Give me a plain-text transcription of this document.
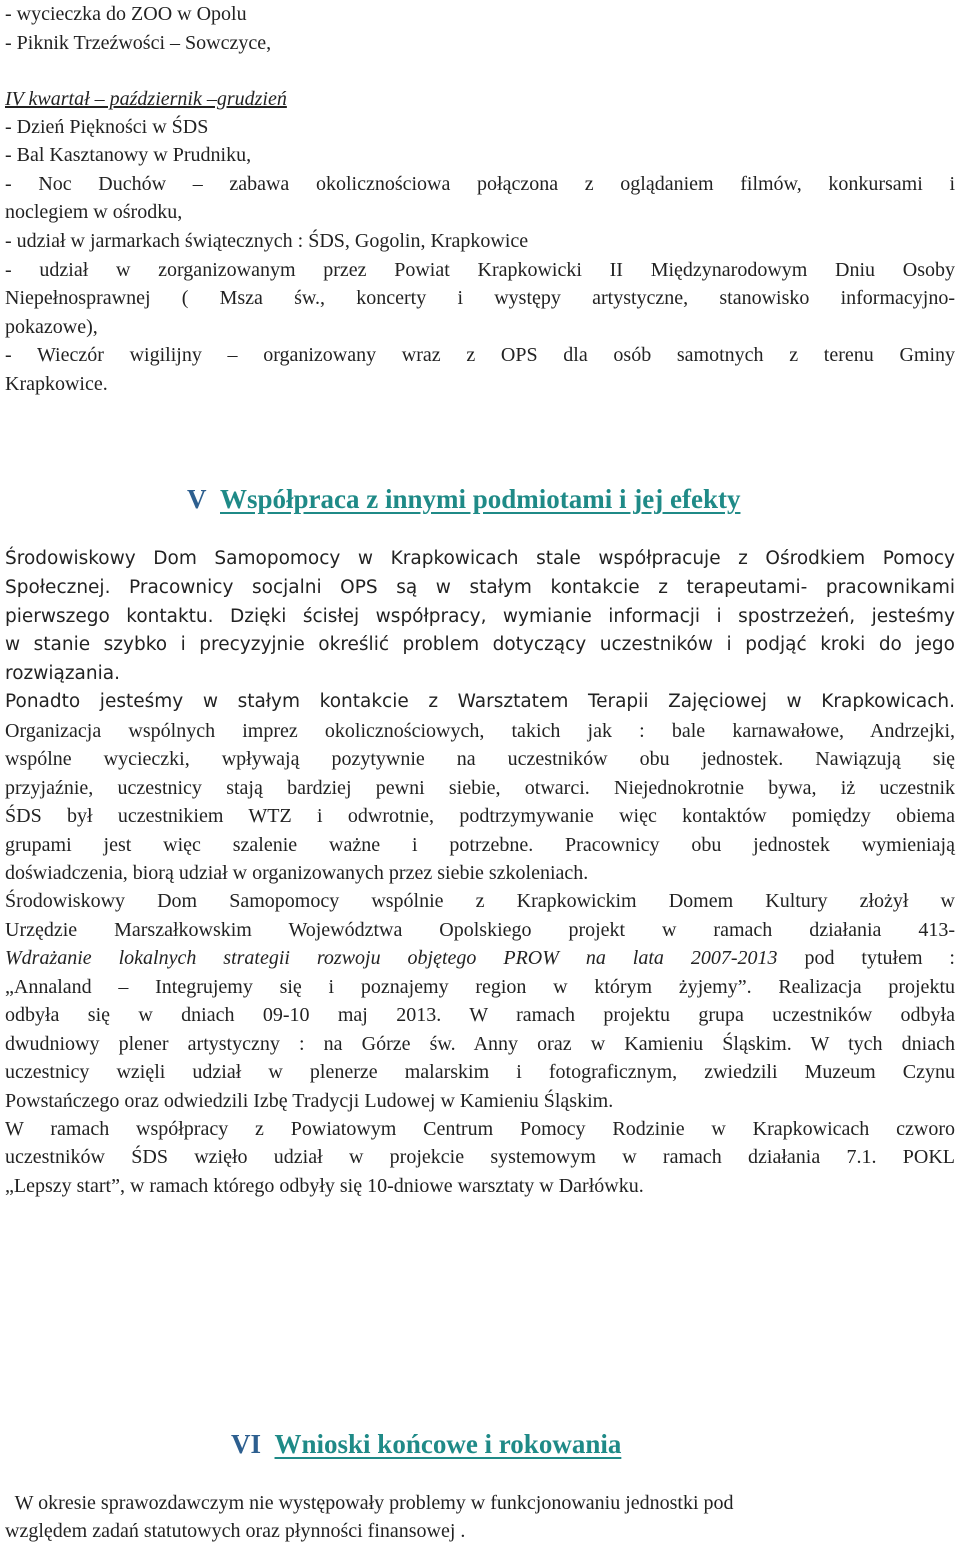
- wycieczka do ZOO w Opolu
- Piknik Trzeźwości – Sowczyce,
IV kwartał – październik –grudzień
- Dzień Piękności w ŚDS
- Bal Kasztanowy w Prudniku,
- Noc Duchów – zabawa okolicznościowa połączona z oglądaniem filmów, konkursami i
noclegiem w ośrodku,
- udział w jarmarkach świątecznych : ŚDS, Gogolin, Krapkowice
- udział w zorganizowanym przez Powiat Krapkowicki II Międzynarodowym Dniu Osoby
Niepełnosprawnej ( Msza św., koncerty i występy artystyczne, stanowisko informacyjno-
pokazowe),
- Wieczór wigilijny – organizowany wraz z OPS dla osób samotnych z terenu Gminy
Krapkowice.
V Współpraca z innymi podmiotami i jej efekty
Środowiskowy Dom Samopomocy w Krapkowicach stale współpracuje z Ośrodkiem Pomocy
Społecznej. Pracownicy socjalni OPS są w stałym kontakcie z terapeutami- pracownikami
pierwszego kontaktu. Dzięki ścisłej współpracy, wymianie informacji i spostrzeżeń, jesteśmy
w stanie szybko i precyzyjnie określić problem dotyczący uczestników i podjąć kroki do jego
rozwiązania.
Ponadto jesteśmy w stałym kontakcie z Warsztatem Terapii Zajęciowej w Krapkowicach.
Organizacja wspólnych imprez okolicznościowych, takich jak : bale karnawałowe, Andrzejki,
wspólne wycieczki, wpływają pozytywnie na uczestników obu jednostek. Nawiązują się
przyjaźnie, uczestnicy stają bardziej pewni siebie, otwarci. Niejednokrotnie bywa, iż uczestnik
ŚDS był uczestnikiem WTZ i odwrotnie, podtrzymywanie więc kontaktów pomiędzy obiema
grupami jest więc szalenie ważne i potrzebne. Pracownicy obu jednostek wymieniają
doświadczenia, biorą udział w organizowanych przez siebie szkoleniach.
Środowiskowy Dom Samopomocy wspólnie z Krapkowickim Domem Kultury złożył w
Urzędzie Marszałkowskim Województwa Opolskiego projekt w ramach działania 413-
Wdrażanie lokalnych strategii rozwoju objętego PROW na lata 2007-2013 pod tytułem :
„Annaland – Integrujemy się i poznajemy region w którym żyjemy”. Realizacja projektu
odbyła się w dniach 09-10 maj 2013. W ramach projektu grupa uczestników odbyła
dwudniowy plener artystyczny : na Górze św. Anny oraz w Kamieniu Śląskim. W tych dniach
uczestnicy wzięli udział w plenerze malarskim i fotograficznym, zwiedzili Muzeum Czynu
Powstańczego oraz odwiedzili Izbę Tradycji Ludowej w Kamieniu Śląskim.
W ramach współpracy z Powiatowym Centrum Pomocy Rodzinie w Krapkowicach czworo
uczestników ŚDS wzięło udział w projekcie systemowym w ramach działania 7.1. POKL
„Lepszy start”, w ramach którego odbyły się 10-dniowe warsztaty w Darłówku.
VI Wnioski końcowe i rokowania
W okresie sprawozdawczym nie występowały problemy w funkcjonowaniu jednostki pod
względem zadań statutowych oraz płynności finansowej .
